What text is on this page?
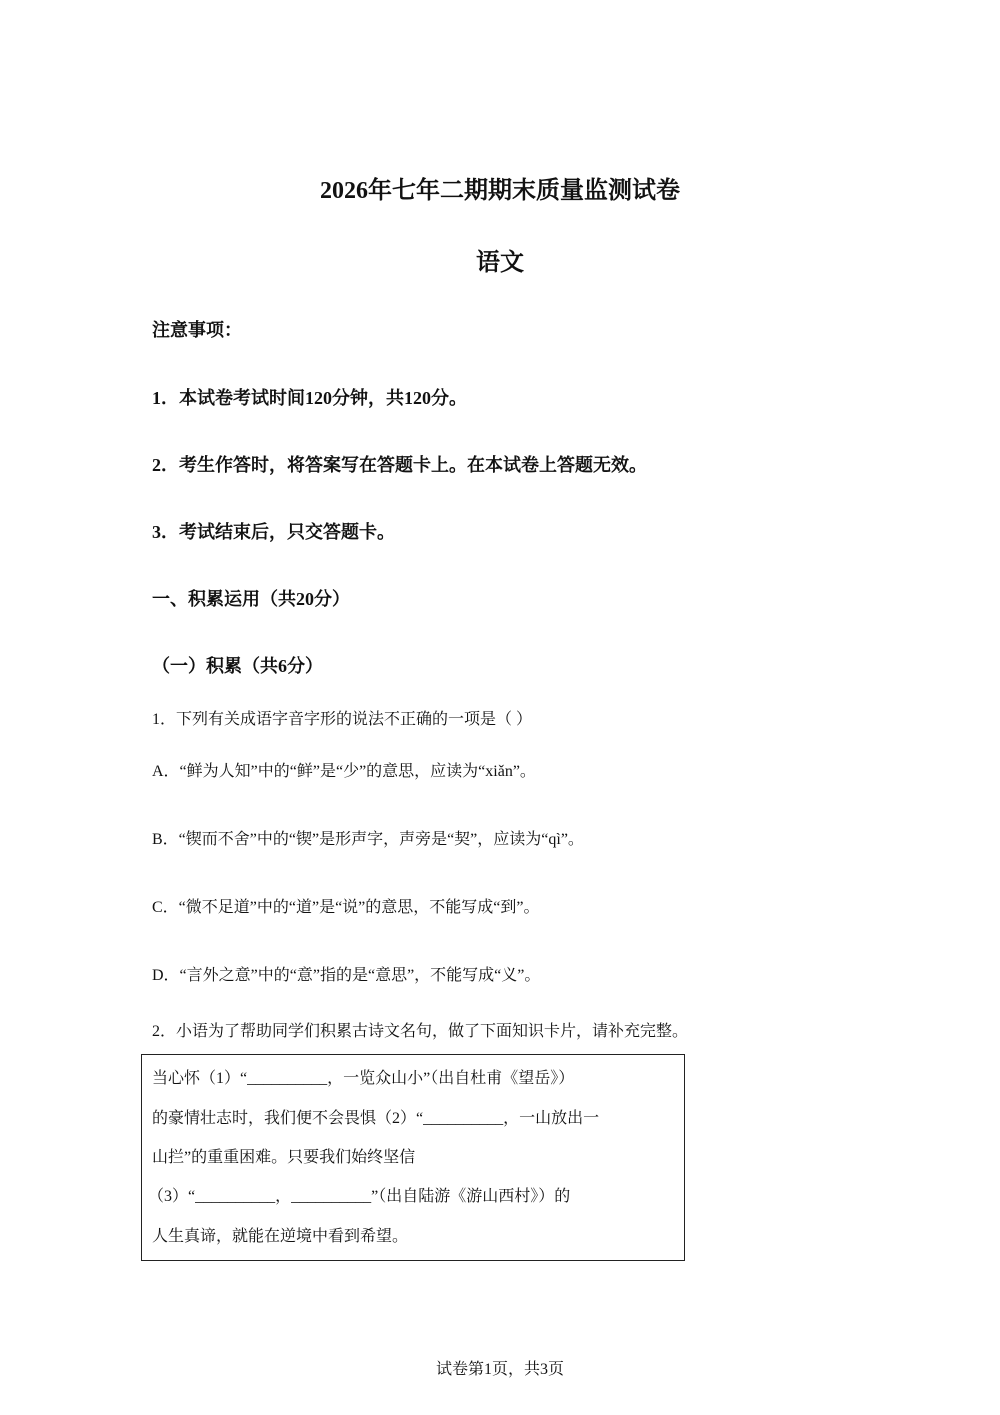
2026年七年二期期末质量监测试卷
语文
注意事项：
1．本试卷考试时间120分钟，共120分。
2．考生作答时，将答案写在答题卡上。在本试卷上答题无效。
3．考试结束后，只交答题卡。
一、积累运用（共20分）
（一）积累（共6分）
1．下列有关成语字音字形的说法不正确的一项是（ ）
A．“鲜为人知”中的“鲜”是“少”的意思，应读为“xiǎn”。
B．“锲而不舍”中的“锲”是形声字，声旁是“契”，应读为“qì”。
C．“微不足道”中的“道”是“说”的意思，不能写成“到”。
D．“言外之意”中的“意”指的是“意思”，不能写成“义”。
2．小语为了帮助同学们积累古诗文名句，做了下面知识卡片，请补充完整。
当心怀（1）“__________，一览众山小”（出自杜甫《望岳》）
的豪情壮志时，我们便不会畏惧（2）“__________，一山放出一
山拦”的重重困难。只要我们始终坚信
（3）“__________，__________”（出自陆游《游山西村》）的
人生真谛，就能在逆境中看到希望。
试卷第1页，共3页
